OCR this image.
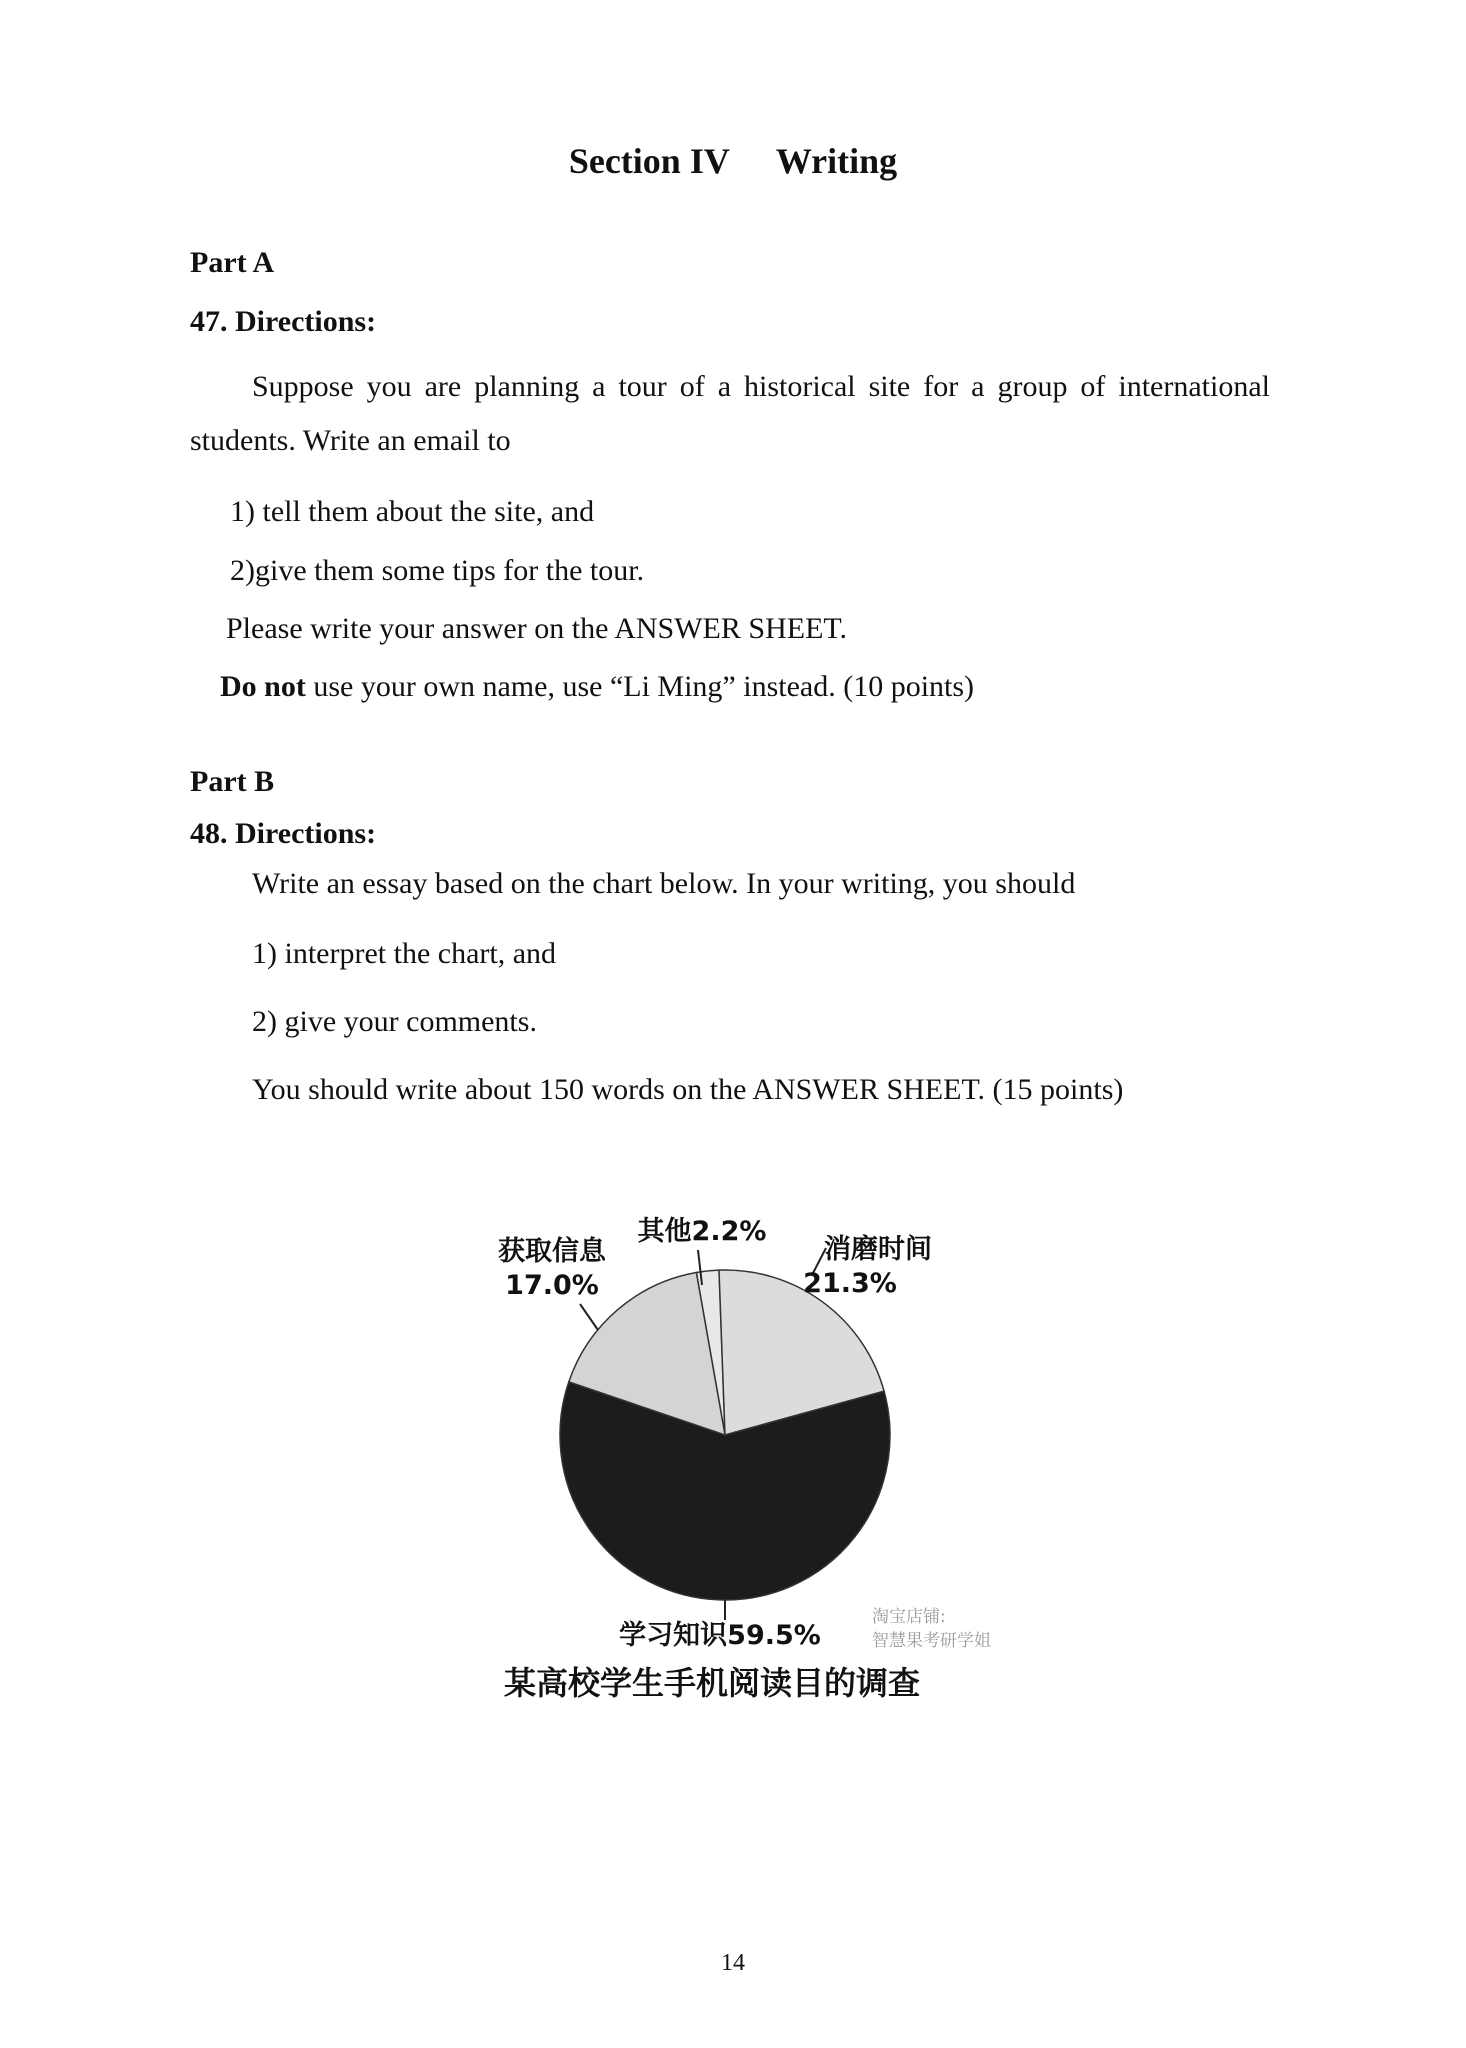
Section IV Writing
Part A
47. Directions:
Suppose you are planning a tour of a historical site for a group of international students. Write an email to
1) tell them about the site, and
2)give them some tips for the tour.
Please write your answer on the ANSWER SHEET.
Do not use your own name, use “Li Ming” instead. (10 points)
Part B
48. Directions:
Write an essay based on the chart below. In your writing, you should
1) interpret the chart, and
2) give your comments.
You should write about 150 words on the ANSWER SHEET. (15 points)
其他2.2%
消磨时间
21.3%
获取信息
17.0%
学习知识59.5%
淘宝店铺:
智慧果考研学姐
某高校学生手机阅读目的调查
14
